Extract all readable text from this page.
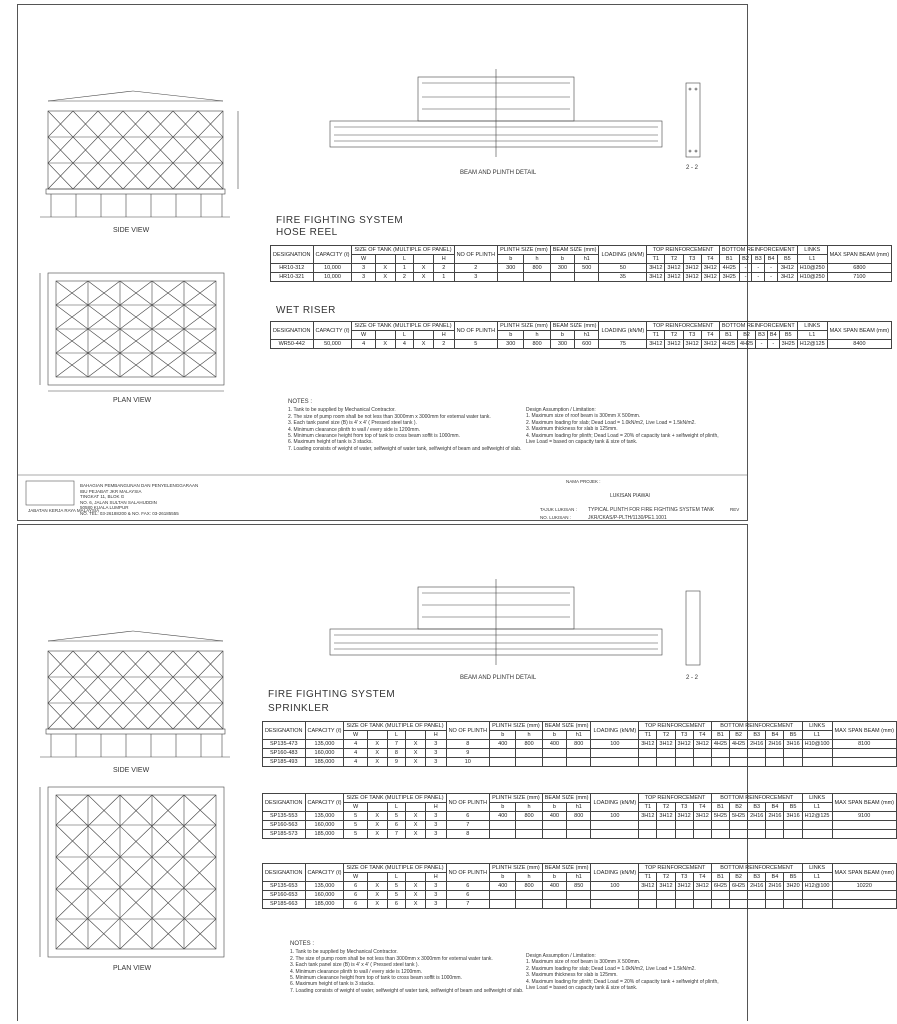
SIDE VIEW
PLAN VIEW
BEAM AND PLINTH DETAIL
2 - 2
FIRE FIGHTING SYSTEM
HOSE REEL
DESIGNATION	CAPACITY (ℓ)	SIZE OF TANK (MULTIPLE OF PANEL)					NO OF PLINTH	PLINTH SIZE (mm)		BEAM SIZE (mm)		LOADING (kN/M)	TOP REINFORCEMENT				BOTTOM REINFORCEMENT					LINKS	MAX SPAN BEAM (mm)
		W		L		H		b	h	b	h1		T1	T2	T3	T4	B1	B2	B3	B4	B5	L1	
HR10-312	10,000	3	X	1	X	2	2	300	800	300	500	50	3H12	3H12	3H12	3H12	4H25	-	-	-	3H12	H10@250	6800
HR10-321	10,000	3	X	2	X	1	3					35	3H12	3H12	3H12	3H12	3H25	-	-	-	3H12	H10@250	7100
WET RISER
DESIGNATION	CAPACITY (ℓ)	SIZE OF TANK (MULTIPLE OF PANEL)					NO OF PLINTH	PLINTH SIZE (mm)		BEAM SIZE (mm)		LOADING (kN/M)	TOP REINFORCEMENT				BOTTOM REINFORCEMENT					LINKS	MAX SPAN BEAM (mm)
		W		L		H		b	h	b	h1		T1	T2	T3	T4	B1	B2	B3	B4	B5	L1	
WR50-442	50,000	4	X	4	X	2	5	300	800	300	600	75	3H12	3H12	3H12	3H12	4H25	4H25	-	-	3H25	H12@125	8400
NOTES :
1. Tank to be supplied by Mechanical Contractor.
2. The size of pump room shall be not less than 3000mm x 3000mm for external water tank.
3. Each tank panel size (B) is 4' x 4' ( Pressed steel tank ).
4. Minimum clearance plinth to wall / every side is 1200mm.
5. Minimum clearance height from top of tank to cross beam soffit is 1000mm.
6. Maximum height of tank is 3 stacks.
7. Loading consists of weight of water, selfweight of water tank, selfweight of beam and selfweight of slab.
Design Assumption / Limitation:
1. Maximum size of roof beam is 300mm X 500mm.
2. Maximum loading for slab; Dead Load = 1.0kN/m2, Live Load = 1.5kN/m2.
3. Maximum thickness for slab is 125mm.
4. Maximum loading for plinth; Dead Load = 20% of capacity tank + selfweight of plinth,
Live Load = based on capacity tank & size of tank.
BAHAGIAN PEMBANGUNAN DAN PENYELENGGARAAN
IBU PEJABAT JKR MALAYSIA
TINGKAT 11, BLOK G
NO. 6, JALAN SULTAN SALAHUDDIN
50580 KUALA LUMPUR
NO. TEL: 03-26188200 & NO. FAX: 03-26185555
JABATAN KERJA RAYA MALAYSIA
NAMA PROJEK :
LUKISAN PIAWAI
TAJUK LUKISAN : TYPICAL PLINTH FOR FIRE FIGHTING SYSTEM TANK	REV
NO. LUKISAN :	JKR/CKAS/P-PLTH/1130/PE1.1001
SIDE VIEW
PLAN VIEW
BEAM AND PLINTH DETAIL	2 - 2
FIRE FIGHTING SYSTEM
SPRINKLER
DESIGNATION	CAPACITY (ℓ)	SIZE OF TANK (MULTIPLE OF PANEL)					NO OF PLINTH	PLINTH SIZE (mm)		BEAM SIZE (mm)		LOADING (kN/M)	TOP REINFORCEMENT				BOTTOM REINFORCEMENT					LINKS	MAX SPAN BEAM (mm)
		W		L		H		b	h	b	h1		T1	T2	T3	T4	B1	B2	B3	B4	B5	L1	
SP135-473	135,000	4	X	7	X	3	8	400	800	400	800	100	3H12	3H12	3H12	3H12	4H25	4H25	2H16	2H16	3H16	H10@100	8100
SP160-483	160,000	4	X	8	X	3	9																
SP185-493	185,000	4	X	9	X	3	10																
DESIGNATION	CAPACITY (ℓ)	SIZE OF TANK (MULTIPLE OF PANEL)					NO OF PLINTH	PLINTH SIZE (mm)		BEAM SIZE (mm)		LOADING (kN/M)	TOP REINFORCEMENT				BOTTOM REINFORCEMENT					LINKS	MAX SPAN BEAM (mm)
		W		L		H		b	h	b	h1		T1	T2	T3	T4	B1	B2	B3	B4	B5	L1	
SP135-553	135,000	5	X	5	X	3	6	400	800	400	800	100	3H12	3H12	3H12	3H12	5H25	5H25	2H16	2H16	3H16	H12@125	9100
SP160-563	160,000	5	X	6	X	3	7																
SP185-573	185,000	5	X	7	X	3	8																
DESIGNATION	CAPACITY (ℓ)	SIZE OF TANK (MULTIPLE OF PANEL)					NO OF PLINTH	PLINTH SIZE (mm)		BEAM SIZE (mm)		LOADING (kN/M)	TOP REINFORCEMENT				BOTTOM REINFORCEMENT					LINKS	MAX SPAN BEAM (mm)
		W		L		H		b	h	b	h1		T1	T2	T3	T4	B1	B2	B3	B4	B5	L1	
SP135-653	135,000	6	X	5	X	3	6	400	800	400	850	100	3H12	3H12	3H12	3H12	6H25	6H25	2H16	2H16	3H20	H12@100	10220
SP160-653	160,000	6	X	5	X	3	6																
SP185-663	185,000	6	X	6	X	3	7																
NOTES :
1. Tank to be supplied by Mechanical Contractor.
2. The size of pump room shall be not less than 3000mm x 3000mm for external water tank.
3. Each tank panel size (B) is 4' x 4' ( Pressed steel tank ).
4. Minimum clearance plinth to wall / every side is 1200mm.
5. Minimum clearance height from top of tank to cross beam soffit is 1000mm.
6. Maximum height of tank is 3 stacks.
7. Loading consists of weight of water, selfweight of water tank, selfweight of beam and selfweight of slab.
Design Assumption / Limitation:
1. Maximum size of roof beam is 300mm X 500mm.
2. Maximum loading for slab; Dead Load = 1.0kN/m2, Live Load = 1.5kN/m2.
3. Maximum thickness for slab is 125mm.
4. Maximum loading for plinth; Dead Load = 20% of capacity tank + selfweight of plinth,
Live Load = based on capacity tank & size of tank.
